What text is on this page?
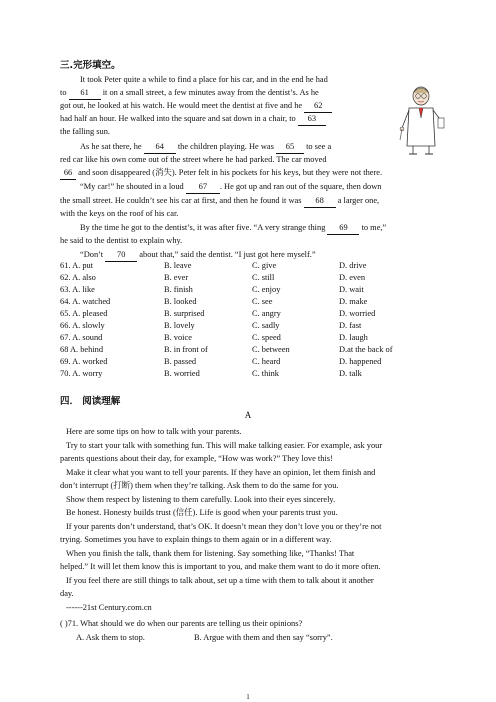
三.完形填空。
It took Peter quite a while to find a place for his car, and in the end he had
to 61 it on a small street, a few minutes away from the dentist’s. As he
got out, he looked at his watch. He would meet the dentist at five and he 62
had half an hour. He walked into the square and sat down in a chair, to 63
the falling sun.
As he sat there, he 64 the children playing. He was 65 to see a
red car like his own come out of the street where he had parked. The car moved
66 and soon disappeared (消失). Peter felt in his pockets for his keys, but they were not there.
“My car!” he shouted in a loud 67 . He got up and ran out of the square, then down
the small street. He couldn’t see his car at first, and then he found it was 68 a larger one,
with the keys on the roof of his car.
By the time he got to the dentist’s, it was after five. “A very strange thing 69 to me,”
he said to the dentist to explain why.
“Don’t 70 about that,” said the dentist. “I just got here myself.”
61. A. put	B. leave	C. give	D. drive
62. A. also	B. ever	C. still	D. even
63. A. like	B. finish	C. enjoy	D. wait
64. A. watched	B. looked	C. see	D. make
65. A. pleased	B. surprised	C. angry	D. worried
66. A. slowly	B. lovely	C. sadly	D. fast
67. A. sound	B. voice	C. speed	D. laugh
68 A. behind	B. in front of	C. between	D.at the back of
69. A. worked	B. passed	C. heard	D. happened
70. A. worry	B. worried	C. think	D. talk
四． 阅读理解
A
Here are some tips on how to talk with your parents.
Try to start your talk with something fun. This will make talking easier. For example, ask your
parents questions about their day, for example, “How was work?” They love this!
Make it clear what you want to tell your parents. If they have an opinion, let them finish and
don’t interrupt (打断) them when they’re talking. Ask them to do the same for you.
Show them respect by listening to them carefully. Look into their eyes sincerely.
Be honest. Honesty builds trust (信任). Life is good when your parents trust you.
If your parents don’t understand, that’s OK. It doesn’t mean they don’t love you or they’re not
trying. Sometimes you have to explain things to them again or in a different way.
When you finish the talk, thank them for listening. Say something like, “Thanks! That
helped.” It will let them know this is important to you, and make them want to do it more often.
If you feel there are still things to talk about, set up a time with them to talk about it another
day.
------21st Century.com.cn
( )71. What should we do when our parents are telling us their opinions?
A. Ask them to stop.	B. Argue with them and then say “sorry”.
1
